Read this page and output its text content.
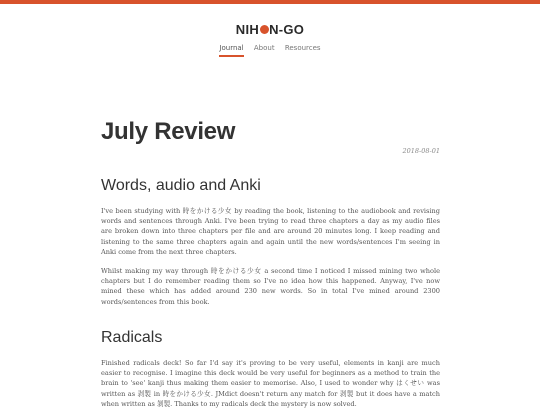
NIH N-GO
Journal About Resources
July Review
2018-08-01
Words, audio and Anki

I've been studying with 時をかける少女 by reading the book, listening to the audiobook and revising words and sentences through Anki. I've been trying to read three chapters a day as my audio files are broken down into three chapters per file and are around 20 minutes long. I keep reading and listening to the same three chapters again and again until the new words/sentences I'm seeing in Anki come from the next three chapters.

Whilst making my way through 時をかける少女 a second time I noticed I missed mining two whole chapters but I do remember reading them so I've no idea how this happened. Anyway, I've now mined these which has added around 230 new words. So in total I've mined around 2300 words/sentences from this book.

Radicals

Finished radicals deck! So far I'd say it's proving to be very useful, elements in kanji are much easier to recognise. I imagine this deck would be very useful for beginners as a method to train the brain to 'see' kanji thus making them easier to memorise. Also, I used to wonder why はくせい was written as 剥製 in 時をかける少女. JMdict doesn't return any match for 剥製 but it does have a match when written as 剝製. Thanks to my radicals deck the mystery is now solved.
